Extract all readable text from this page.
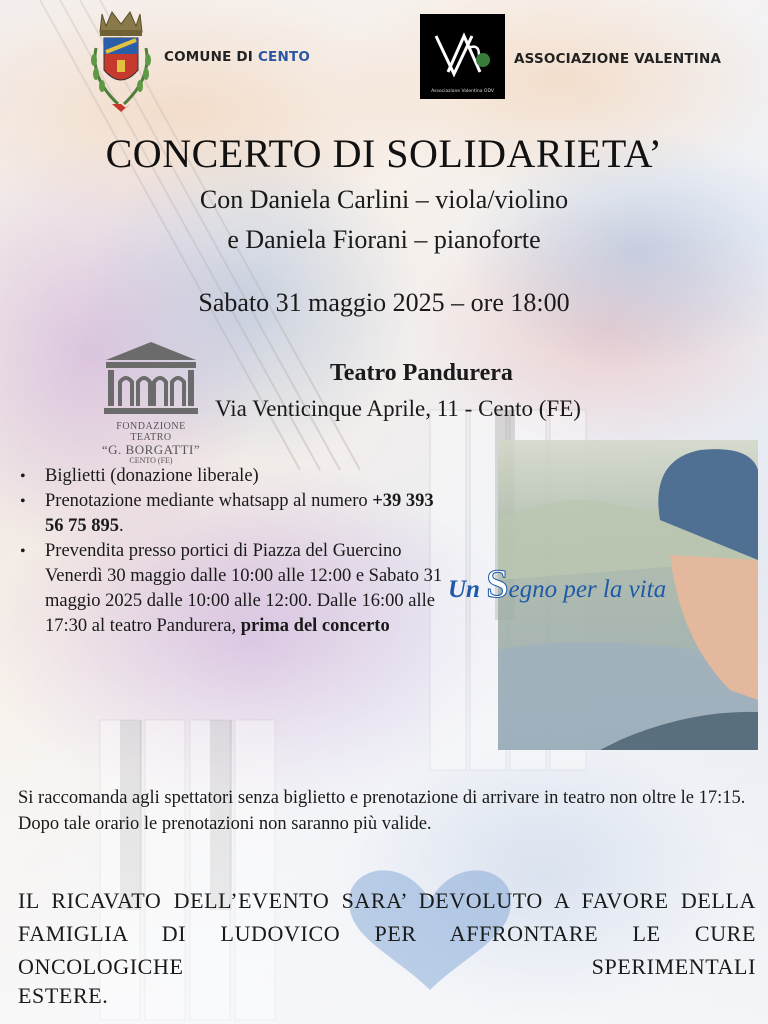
COMUNE DI CENTO
Associazione Valentina ODV
ASSOCIAZIONE VALENTINA
CONCERTO DI SOLIDARIETA’
Con Daniela Carlini – viola/violino
e Daniela Fiorani – pianoforte
Sabato 31 maggio 2025 – ore 18:00
FONDAZIONE TEATRO
“G. BORGATTI”
CENTO (FE)
Teatro Pandurera
Via Venticinque Aprile, 11 - Cento (FE)
• Biglietti (donazione liberale)
• Prenotazione mediante whatsapp al numero +39 393 56 75 895.
• Prevendita presso portici di Piazza del Guercino Venerdì 30 maggio dalle 10:00 alle 12:00 e Sabato 31 maggio 2025 dalle 10:00 alle 12:00. Dalle 16:00 alle 17:30 al teatro Pandurera, prima del concerto
Un Segno per la vita
Si raccomanda agli spettatori senza biglietto e prenotazione di arrivare in teatro non oltre le 17:15. Dopo tale orario le prenotazioni non saranno più valide.
IL RICAVATO DELL’EVENTO SARA’ DEVOLUTO A FAVORE DELLA FAMIGLIA DI LUDOVICO PER AFFRONTARE LE CURE ONCOLOGICHE SPERIMENTALI
ESTERE.
